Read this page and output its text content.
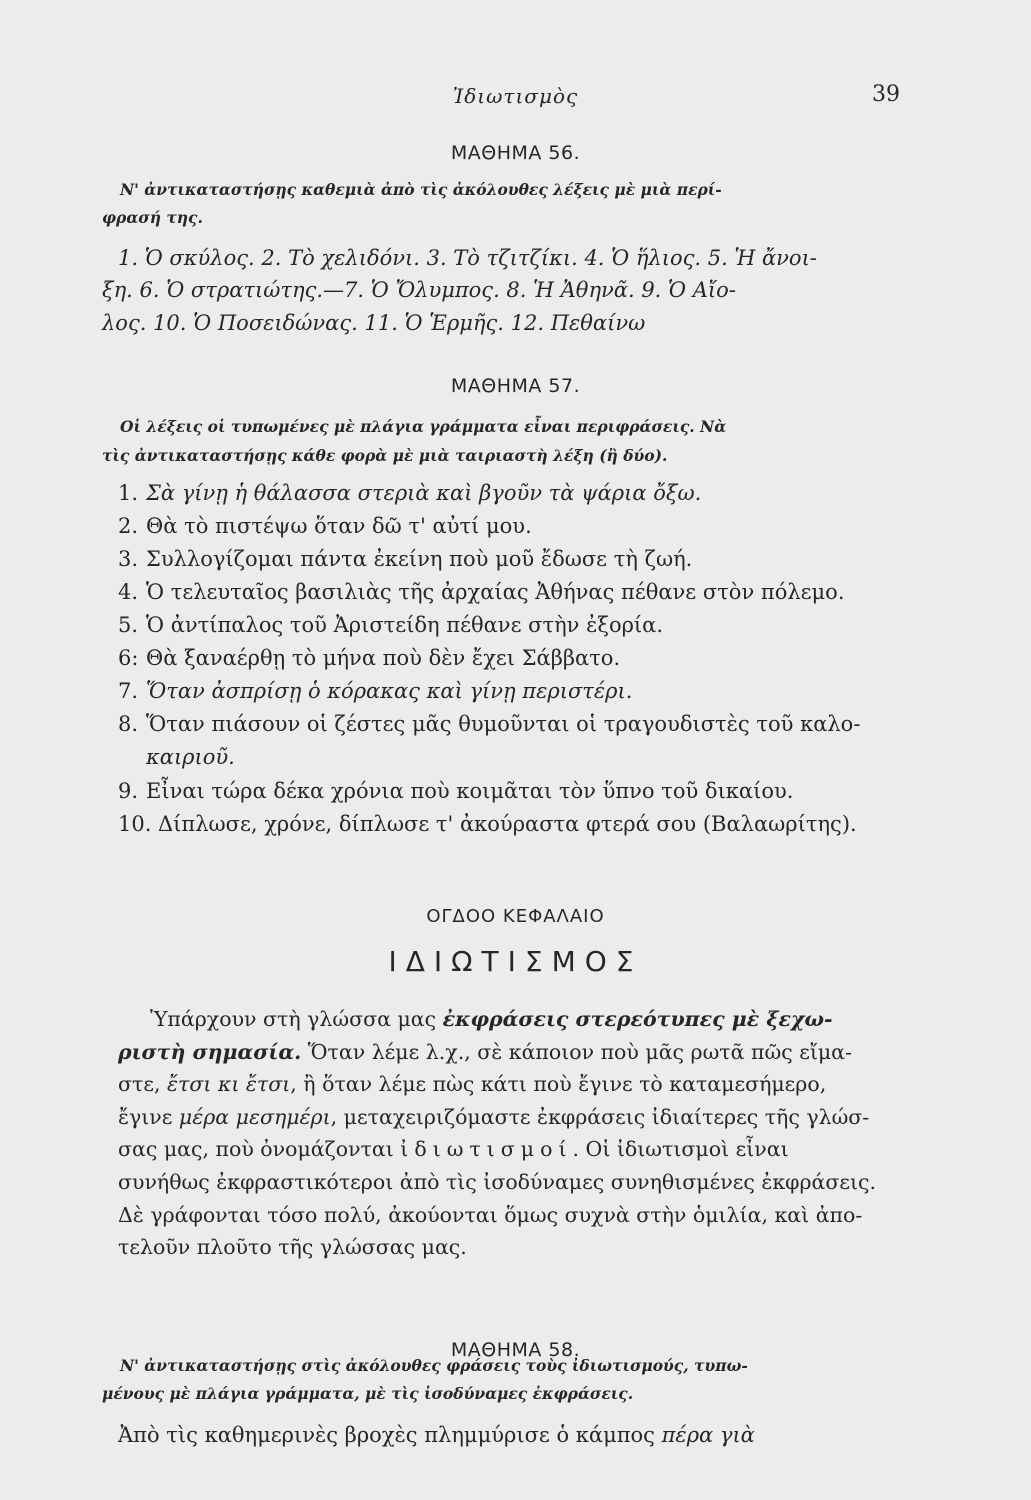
Ἰδιωτισμὸς	39
ΜΑΘΗΜΑ 56.
Ν' ἀντικαταστήσῃς καθεμιὰ ἀπὸ τὶς ἀκόλουθες λέξεις μὲ μιὰ περί-
φρασή της.
1. Ὁ σκύλος. 2. Τὸ χελιδόνι. 3. Τὸ τζιτζίκι. 4. Ὁ ἥλιος. 5. Ἡ ἄνοι-
ξη. 6. Ὁ στρατιώτης.—7. Ὁ Ὄλυμπος. 8. Ἡ Ἀθηνᾶ. 9. Ὁ Αἴο-
λος. 10. Ὁ Ποσειδώνας. 11. Ὁ Ἑρμῆς. 12. Πεθαίνω
ΜΑΘΗΜΑ 57.
Οἱ λέξεις οἱ τυπωμένες μὲ πλάγια γράμματα εἶναι περιφράσεις. Νὰ
τὶς ἀντικαταστήσῃς κάθε φορὰ μὲ μιὰ ταιριαστὴ λέξη (ἢ δύο).
1. Σὰ γίνῃ ἡ θάλασσα στεριὰ καὶ βγοῦν τὰ ψάρια ὄξω.
2. Θὰ τὸ πιστέψω ὅταν δῶ τ' αὐτί μου.
3. Συλλογίζομαι πάντα ἐκείνη ποὺ μοῦ ἔδωσε τὴ ζωή.
4. Ὁ τελευταῖος βασιλιὰς τῆς ἀρχαίας Ἀθήνας πέθανε στὸν πόλεμο.
5. Ὁ ἀντίπαλος τοῦ Ἀριστείδη πέθανε στὴν ἐξορία.
6: Θὰ ξαναέρθῃ τὸ μήνα ποὺ δὲν ἔχει Σάββατο.
7. Ὅταν ἀσπρίσῃ ὁ κόρακας καὶ γίνῃ περιστέρι.
8. Ὅταν πιάσουν οἱ ζέστες μᾶς θυμοῦνται οἱ τραγουδιστὲς τοῦ καλο-
καιριοῦ.
9. Εἶναι τώρα δέκα χρόνια ποὺ κοιμᾶται τὸν ὕπνο τοῦ δικαίου.
10. Δίπλωσε, χρόνε, δίπλωσε τ' ἀκούραστα φτερά σου (Βαλαωρίτης).
ΟΓΔΟΟ ΚΕΦΑΛΑΙΟ
ΙΔΙΩΤΙΣΜΟΣ

Ὑπάρχουν στὴ γλώσσα μας ἐκφράσεις στερεότυπες μὲ ξεχω-

ριστὴ σημασία. Ὅταν λέμε λ.χ., σὲ κάποιον ποὺ μᾶς ρωτᾶ πῶς εἴμα-

στε, ἔτσι κι ἔτσι, ἢ ὅταν λέμε πὼς κάτι ποὺ ἔγινε τὸ καταμεσήμερο,

ἔγινε μέρα μεσημέρι, μεταχειριζόμαστε ἐκφράσεις ἰδιαίτερες τῆς γλώσ-

σας μας, ποὺ ὀνομάζονται ἰδιωτισμοί. Οἱ ἰδιωτισμοὶ εἶναι

συνήθως ἐκφραστικότεροι ἀπὸ τὶς ἰσοδύναμες συνηθισμένες ἐκφράσεις.

Δὲ γράφονται τόσο πολύ, ἀκούονται ὅμως συχνὰ στὴν ὁμιλία, καὶ ἀπο-

τελοῦν πλοῦτο τῆς γλώσσας μας.

ΜΑΘΗΜΑ 58.
Ν' ἀντικαταστήσῃς στὶς ἀκόλουθες φράσεις τοὺς ἰδιωτισμούς, τυπω-
μένους μὲ πλάγια γράμματα, μὲ τὶς ἰσοδύναμες ἐκφράσεις.
Ἀπὸ τὶς καθημερινὲς βροχὲς πλημμύρισε ὁ κάμπος πέρα γιὰ
